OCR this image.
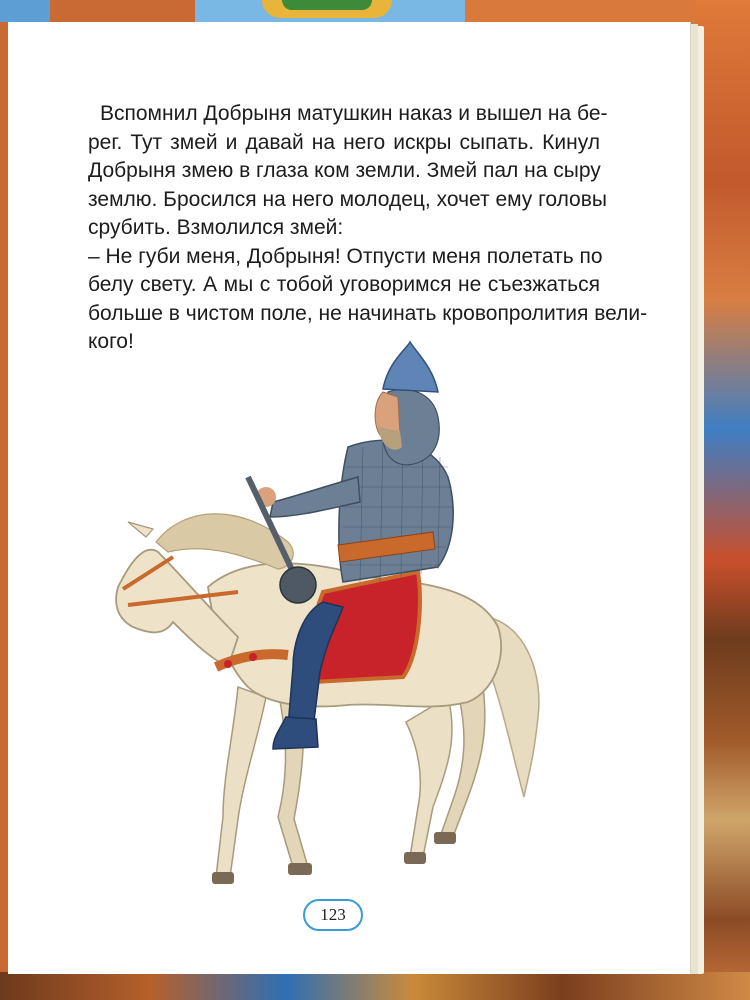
Вспомнил Добрыня матушкин наказ и вышел на бе-
рег. Тут змей и давай на него искры сыпать. Кинул
Добрыня змею в глаза ком земли. Змей пал на сыру
землю. Бросился на него молодец, хочет ему головы
срубить. Взмолился змей:

– Не губи меня, Добрыня! Отпусти меня полетать по
белу свету. А мы с тобой уговоримся не съезжаться
больше в чистом поле, не начинать кровопролития вели-
кого!

123
